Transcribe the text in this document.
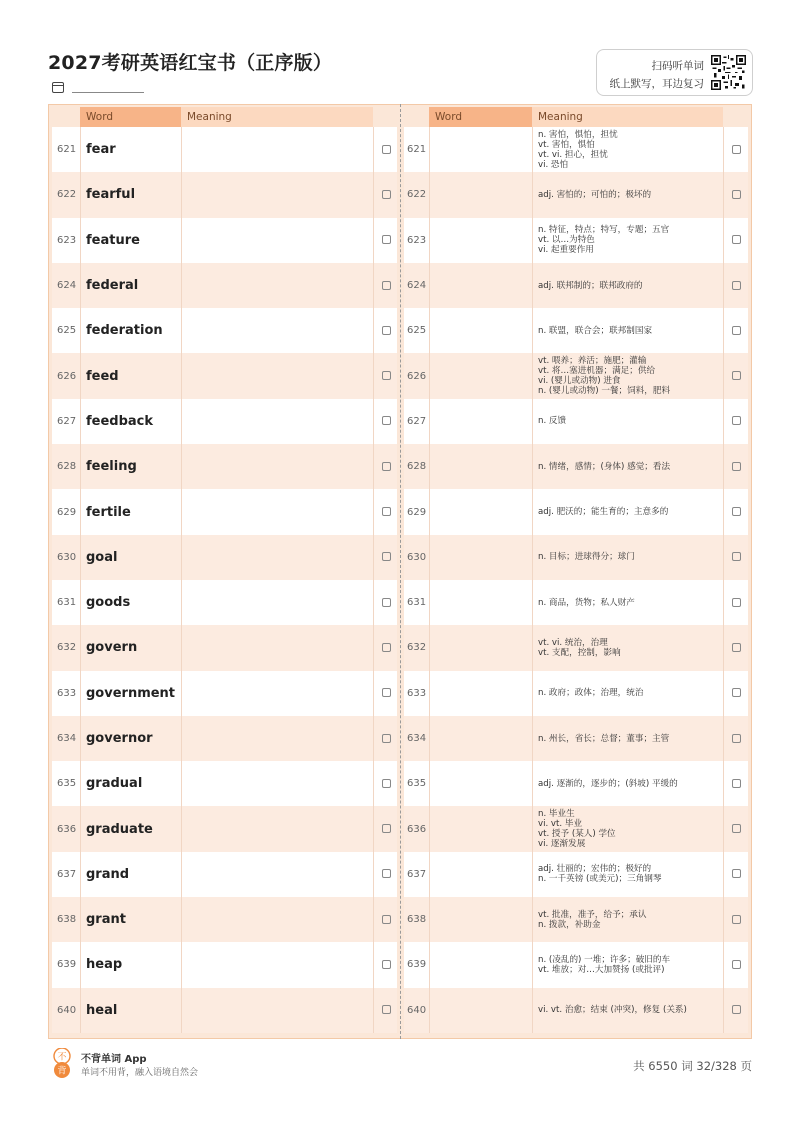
2027考研英语红宝书（正序版）	扫码听单词
纸上默写，耳边复习
Word	Meaning
621 fear
622 fearful
623 feature
624 federal
625 federation
626 feed
627 feedback
628 feeling
629 fertile
630 goal
631 goods
632 govern
633 government
634 governor
635 gradual
636 graduate
637 grand
638 grant
639 heap
640 heal
Word	Meaning
621
n. 害怕，惧怕，担忧
vt. 害怕，惧怕
vt. vi. 担心，担忧
vi. 恐怕
622	adj. 害怕的；可怕的；极坏的
623
n. 特征，特点；特写，专题；五官
vt. 以…为特色
vi. 起重要作用
624	adj. 联邦制的；联邦政府的
625	n. 联盟，联合会；联邦制国家
626
vt. 喂养；养活；施肥；灌输
vt. 将…塞进机器；满足；供给
vi. (婴儿或动物) 进食
n. (婴儿或动物) 一餐；饲料，肥料
627	n. 反馈
628	n. 情绪，感情；(身体) 感觉；看法
629	adj. 肥沃的；能生育的；主意多的
630	n. 目标；进球得分；球门
631	n. 商品，货物；私人财产
632	vt. vi. 统治，治理
vt. 支配，控制，影响
633	n. 政府；政体；治理，统治
634	n. 州长，省长；总督；董事；主管
635	adj. 逐渐的，逐步的；(斜坡) 平缓的
636
n. 毕业生
vi. vt. 毕业
vt. 授予 (某人) 学位
vi. 逐渐发展
637	adj. 壮丽的；宏伟的；极好的
n. 一千英镑 (或美元)；三角钢琴
638	vt. 批准，准予，给予；承认
n. 拨款，补助金
639	n. (凌乱的) 一堆；许多；破旧的车
vt. 堆放；对…大加赞扬 (或批评)
640	vi. vt. 治愈；结束 (冲突)，修复 (关系)
不
背
不背单词 App
单词不用背，融入语境自然会	共 6550 词 32/328 页
